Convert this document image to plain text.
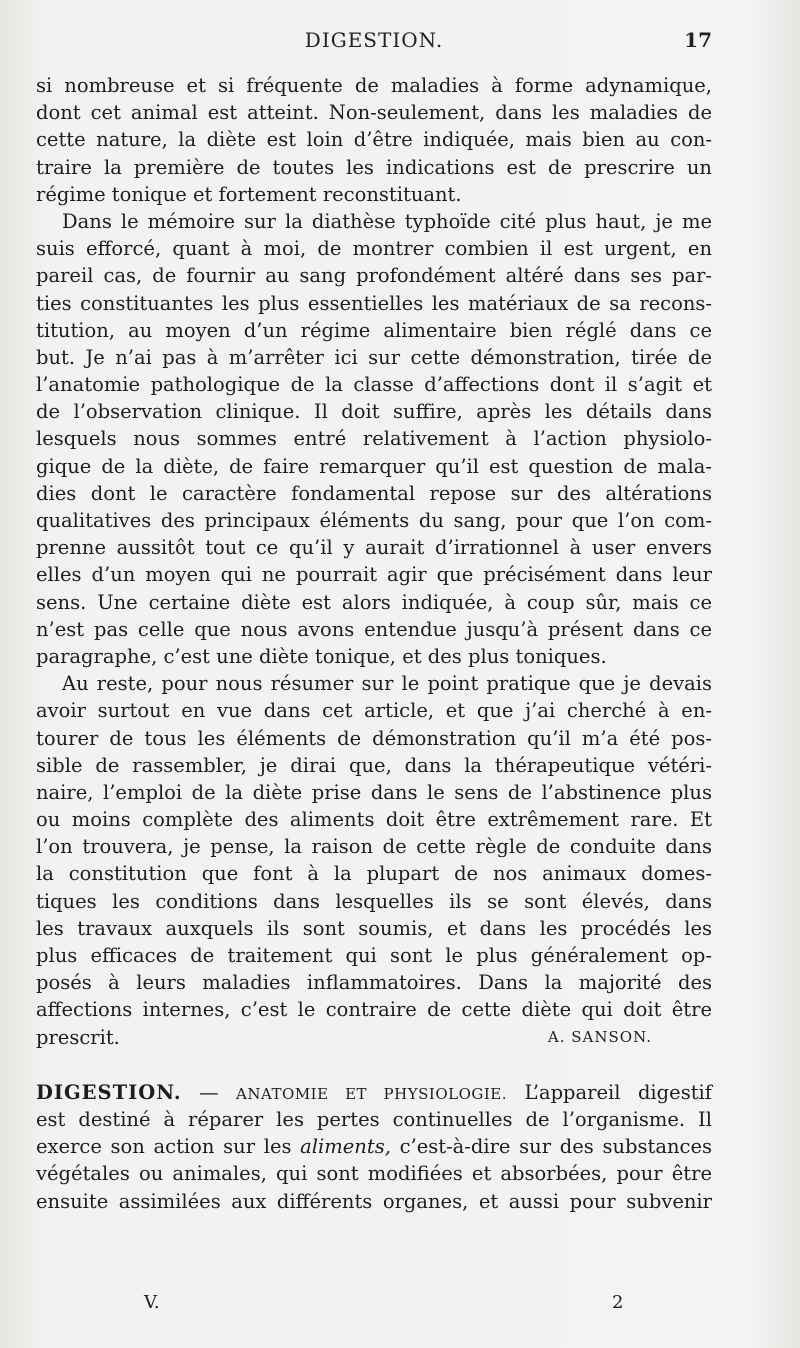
DIGESTION.	17
si nombreuse et si fréquente de maladies à forme adynamique,
dont cet animal est atteint. Non-seulement, dans les maladies de
cette nature, la diète est loin d’être indiquée, mais bien au con-
traire la première de toutes les indications est de prescrire un
régime tonique et fortement reconstituant.
Dans le mémoire sur la diathèse typhoïde cité plus haut, je me
suis efforcé, quant à moi, de montrer combien il est urgent, en
pareil cas, de fournir au sang profondément altéré dans ses par-
ties constituantes les plus essentielles les matériaux de sa recons-
titution, au moyen d’un régime alimentaire bien réglé dans ce
but. Je n’ai pas à m’arrêter ici sur cette démonstration, tirée de
l’anatomie pathologique de la classe d’affections dont il s’agit et
de l’observation clinique. Il doit suffire, après les détails dans
lesquels nous sommes entré relativement à l’action physiolo-
gique de la diète, de faire remarquer qu’il est question de mala-
dies dont le caractère fondamental repose sur des altérations
qualitatives des principaux éléments du sang, pour que l’on com-
prenne aussitôt tout ce qu’il y aurait d’irrationnel à user envers
elles d’un moyen qui ne pourrait agir que précisément dans leur
sens. Une certaine diète est alors indiquée, à coup sûr, mais ce
n’est pas celle que nous avons entendue jusqu’à présent dans ce
paragraphe, c’est une diète tonique, et des plus toniques.
Au reste, pour nous résumer sur le point pratique que je devais
avoir surtout en vue dans cet article, et que j’ai cherché à en-
tourer de tous les éléments de démonstration qu’il m’a été pos-
sible de rassembler, je dirai que, dans la thérapeutique vétéri-
naire, l’emploi de la diète prise dans le sens de l’abstinence plus
ou moins complète des aliments doit être extrêmement rare. Et
l’on trouvera, je pense, la raison de cette règle de conduite dans
la constitution que font à la plupart de nos animaux domes-
tiques les conditions dans lesquelles ils se sont élevés, dans
les travaux auxquels ils sont soumis, et dans les procédés les
plus efficaces de traitement qui sont le plus généralement op-
posés à leurs maladies inflammatoires. Dans la majorité des
affections internes, c’est le contraire de cette diète qui doit être
prescrit.	A. SANSON.
DIGESTION. — ANATOMIE ET PHYSIOLOGIE. L’appareil digestif
est destiné à réparer les pertes continuelles de l’organisme. Il
exerce son action sur les aliments, c’est-à-dire sur des substances
végétales ou animales, qui sont modifiées et absorbées, pour être
ensuite assimilées aux différents organes, et aussi pour subvenir
V.	2
